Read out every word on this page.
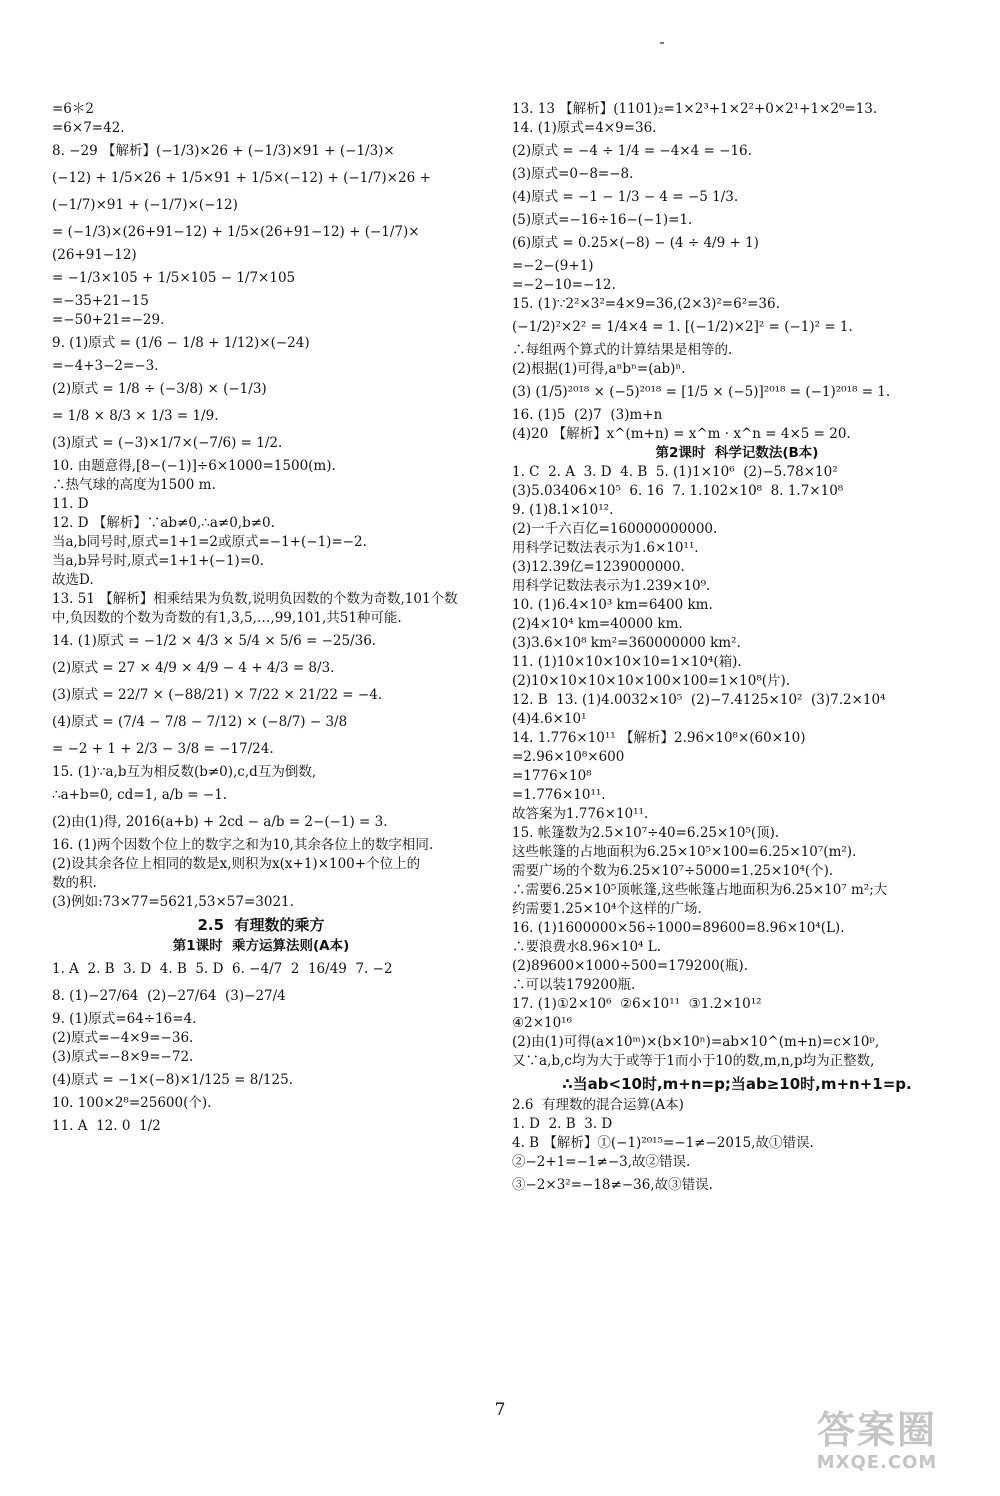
=6＊2
=6×7=42.
8. −29 【解析】(−1/3)×26 + (−1/3)×91 + (−1/3)×
(−12) + 1/5×26 + 1/5×91 + 1/5×(−12) + (−1/7)×26 +
(−1/7)×91 + (−1/7)×(−12)
= (−1/3)×(26+91−12) + 1/5×(26+91−12) + (−1/7)×
(26+91−12)
= −1/3×105 + 1/5×105 − 1/7×105
=−35+21−15
=−50+21=−29.
9. (1)原式 = (1/6 − 1/8 + 1/12)×(−24)
=−4+3−2=−3.
(2)原式 = 1/8 ÷ (−3/8) × (−1/3)
= 1/8 × 8/3 × 1/3 = 1/9.
(3)原式 = (−3)×1/7×(−7/6) = 1/2.
10. 由题意得,[8−(−1)]÷6×1000=1500(m).
∴热气球的高度为1500 m.
11. D
12. D 【解析】∵ab≠0,∴a≠0,b≠0.
当a,b同号时,原式=1+1=2或原式=−1+(−1)=−2.
当a,b异号时,原式=1+1+(−1)=0.
故选D.
13. 51 【解析】相乘结果为负数,说明负因数的个数为奇数,101个数
中,负因数的个数为奇数的有1,3,5,…,99,101,共51种可能.
14. (1)原式 = −1/2 × 4/3 × 5/4 × 5/6 = −25/36.
(2)原式 = 27 × 4/9 × 4/9 − 4 + 4/3 = 8/3.
(3)原式 = 22/7 × (−88/21) × 7/22 × 21/22 = −4.
(4)原式 = (7/4 − 7/8 − 7/12) × (−8/7) − 3/8
= −2 + 1 + 2/3 − 3/8 = −17/24.
15. (1)∵a,b互为相反数(b≠0),c,d互为倒数,
∴a+b=0, cd=1, a/b = −1.
(2)由(1)得, 2016(a+b) + 2cd − a/b = 2−(−1) = 3.
16. (1)两个因数个位上的数字之和为10,其余各位上的数字相同.
(2)设其余各位上相同的数是x,则积为x(x+1)×100+个位上的
数的积.
(3)例如:73×77=5621,53×57=3021.
2.5  有理数的乘方
第1课时  乘方运算法则(A本)
1. A  2. B  3. D  4. B  5. D  6. −4/7  2  16/49  7. −2
8. (1)−27/64  (2)−27/64  (3)−27/4
9. (1)原式=64÷16=4.
(2)原式=−4×9=−36.
(3)原式=−8×9=−72.
(4)原式 = −1×(−8)×1/125 = 8/125.
10. 100×2⁸=25600(个).
11. A  12. 0  1/2
13. 13 【解析】(1101)₂=1×2³+1×2²+0×2¹+1×2⁰=13.
14. (1)原式=4×9=36.
(2)原式 = −4 ÷ 1/4 = −4×4 = −16.
(3)原式=0−8=−8.
(4)原式 = −1 − 1/3 − 4 = −5 1/3.
(5)原式=−16÷16−(−1)=1.
(6)原式 = 0.25×(−8) − (4 ÷ 4/9 + 1)
=−2−(9+1)
=−2−10=−12.
15. (1)∵2²×3²=4×9=36,(2×3)²=6²=36.
(−1/2)²×2² = 1/4×4 = 1. [(−1/2)×2]² = (−1)² = 1.
∴每组两个算式的计算结果是相等的.
(2)根据(1)可得,aⁿbⁿ=(ab)ⁿ.
(3) (1/5)²⁰¹⁸ × (−5)²⁰¹⁸ = [1/5 × (−5)]²⁰¹⁸ = (−1)²⁰¹⁸ = 1.
16. (1)5  (2)7  (3)m+n
(4)20 【解析】x^(m+n) = x^m · x^n = 4×5 = 20.
第2课时  科学记数法(B本)
1. C  2. A  3. D  4. B  5. (1)1×10⁶  (2)−5.78×10²
(3)5.03406×10⁵  6. 16  7. 1.102×10⁸  8. 1.7×10⁸
9. (1)8.1×10¹².
(2)一千六百亿=160000000000.
用科学记数法表示为1.6×10¹¹.
(3)12.39亿=1239000000.
用科学记数法表示为1.239×10⁹.
10. (1)6.4×10³ km=6400 km.
(2)4×10⁴ km=40000 km.
(3)3.6×10⁸ km²=360000000 km².
11. (1)10×10×10×10=1×10⁴(箱).
(2)10×10×10×10×100×100=1×10⁸(片).
12. B  13. (1)4.0032×10⁵  (2)−7.4125×10²  (3)7.2×10⁴
(4)4.6×10¹
14. 1.776×10¹¹ 【解析】2.96×10⁸×(60×10)
=2.96×10⁸×600
=1776×10⁸
=1.776×10¹¹.
故答案为1.776×10¹¹.
15. 帐篷数为2.5×10⁷÷40=6.25×10⁵(顶).
这些帐篷的占地面积为6.25×10⁵×100=6.25×10⁷(m²).
需要广场的个数为6.25×10⁷÷5000=1.25×10⁴(个).
∴需要6.25×10⁵顶帐篷,这些帐篷占地面积为6.25×10⁷ m²;大
约需要1.25×10⁴个这样的广场.
16. (1)1600000×56÷1000=89600=8.96×10⁴(L).
∴要浪费水8.96×10⁴ L.
(2)89600×1000÷500=179200(瓶).
∴可以装179200瓶.
17. (1)①2×10⁶  ②6×10¹¹  ③1.2×10¹²
④2×10¹⁶
(2)由(1)可得(a×10ᵐ)×(b×10ⁿ)=ab×10^(m+n)=c×10ᵖ,
又∵a,b,c均为大于或等于1而小于10的数,m,n,p均为正整数,
∴当ab<10时,m+n=p;当ab≥10时,m+n+1=p.
2.6  有理数的混合运算(A本)
1. D  2. B  3. D
4. B 【解析】①(−1)²⁰¹⁵=−1≠−2015,故①错误.
②−2+1=−1≠−3,故②错误.
③−2×3²=−18≠−36,故③错误.
7	答案圈
MXQE.COM
